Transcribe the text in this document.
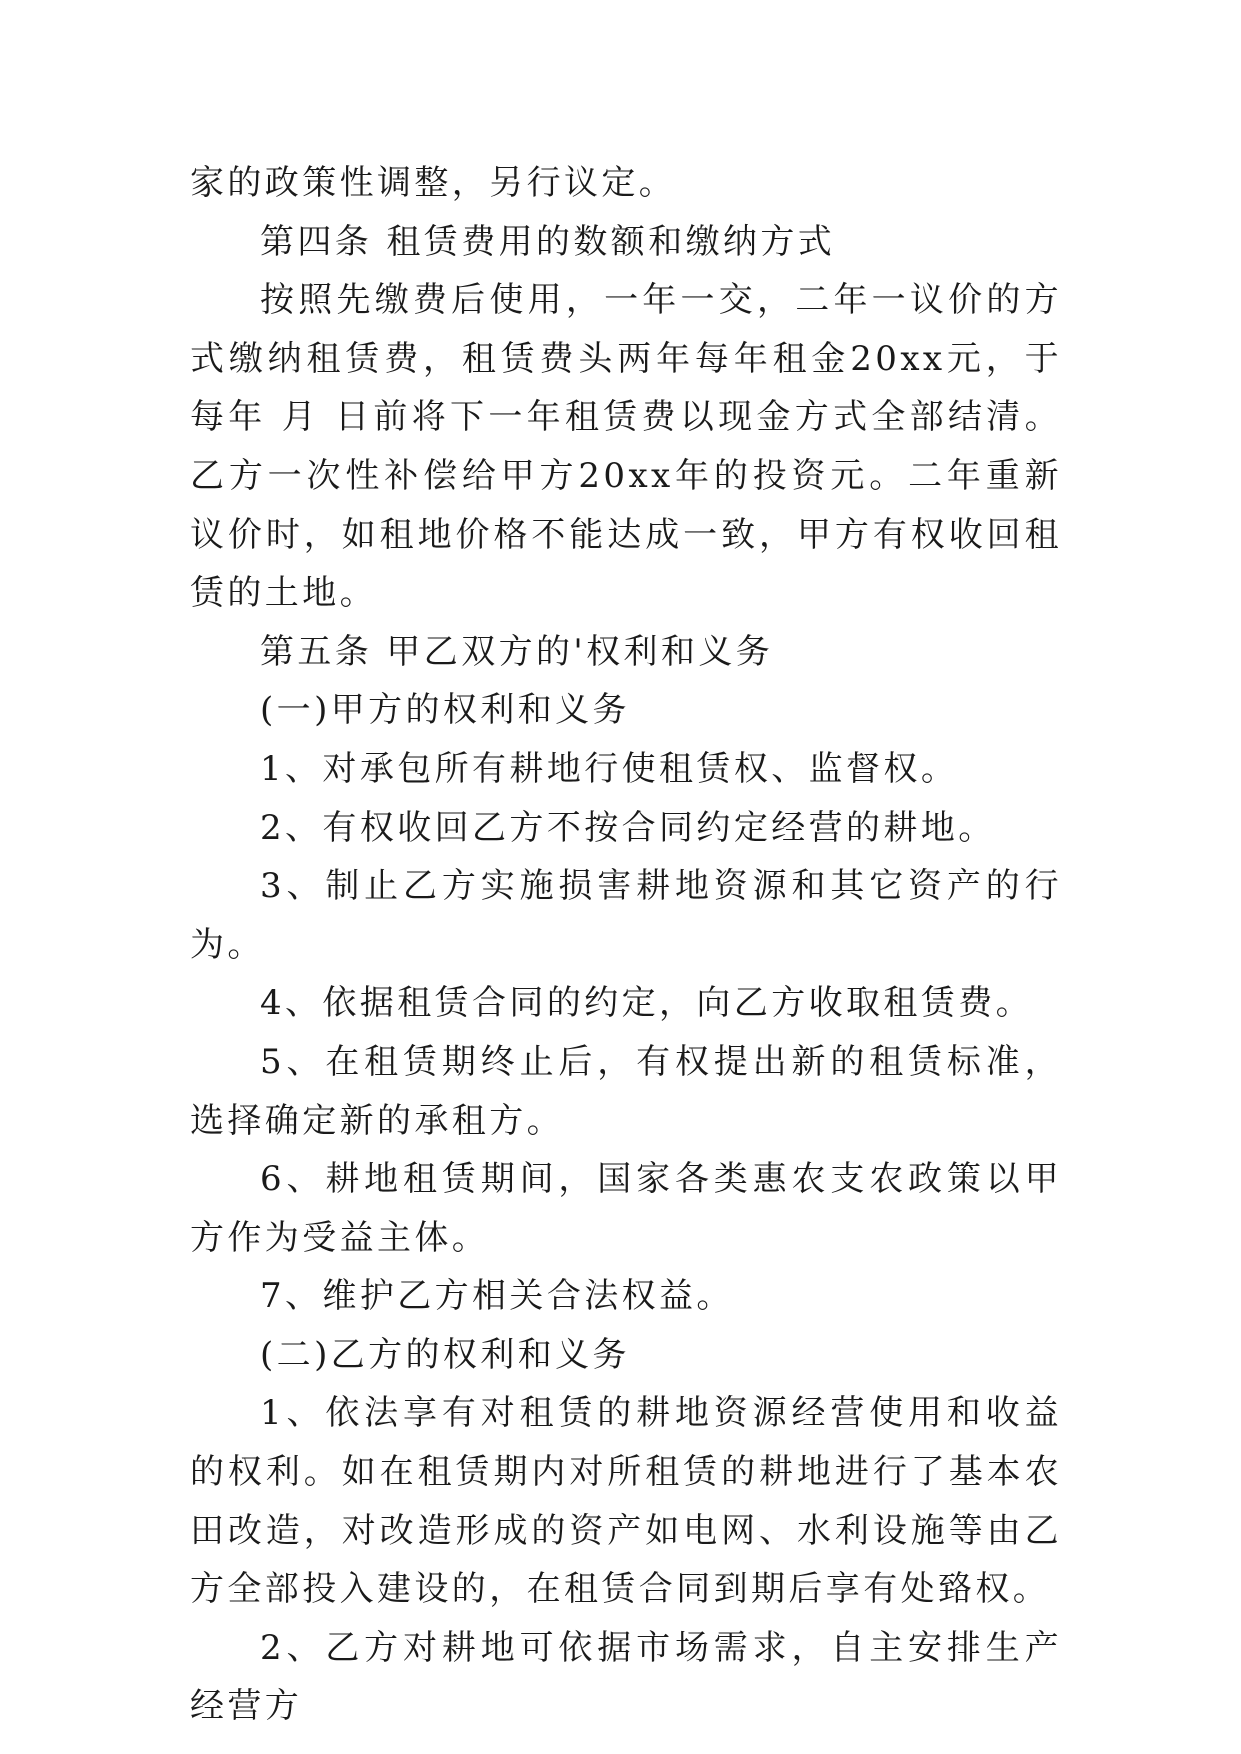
家的政策性调整，另行议定。

第四条 租赁费用的数额和缴纳方式

按照先缴费后使用，一年一交，二年一议价的方式缴纳租赁费，租赁费头两年每年租金20xx元，于每年 月 日前将下一年租赁费以现金方式全部结清。乙方一次性补偿给甲方20xx年的投资元。二年重新议价时，如租地价格不能达成一致，甲方有权收回租赁的土地。

第五条 甲乙双方的'权利和义务

(一)甲方的权利和义务

1、对承包所有耕地行使租赁权、监督权。

2、有权收回乙方不按合同约定经营的耕地。

3、制止乙方实施损害耕地资源和其它资产的行为。

4、依据租赁合同的约定，向乙方收取租赁费。

5、在租赁期终止后，有权提出新的租赁标准，选择确定新的承租方。

6、耕地租赁期间，国家各类惠农支农政策以甲方作为受益主体。

7、维护乙方相关合法权益。

(二)乙方的权利和义务

1、依法享有对租赁的耕地资源经营使用和收益的权利。如在租赁期内对所租赁的耕地进行了基本农田改造，对改造形成的资产如电网、水利设施等由乙方全部投入建设的，在租赁合同到期后享有处臵权。

2、乙方对耕地可依据市场需求，自主安排生产经营方
